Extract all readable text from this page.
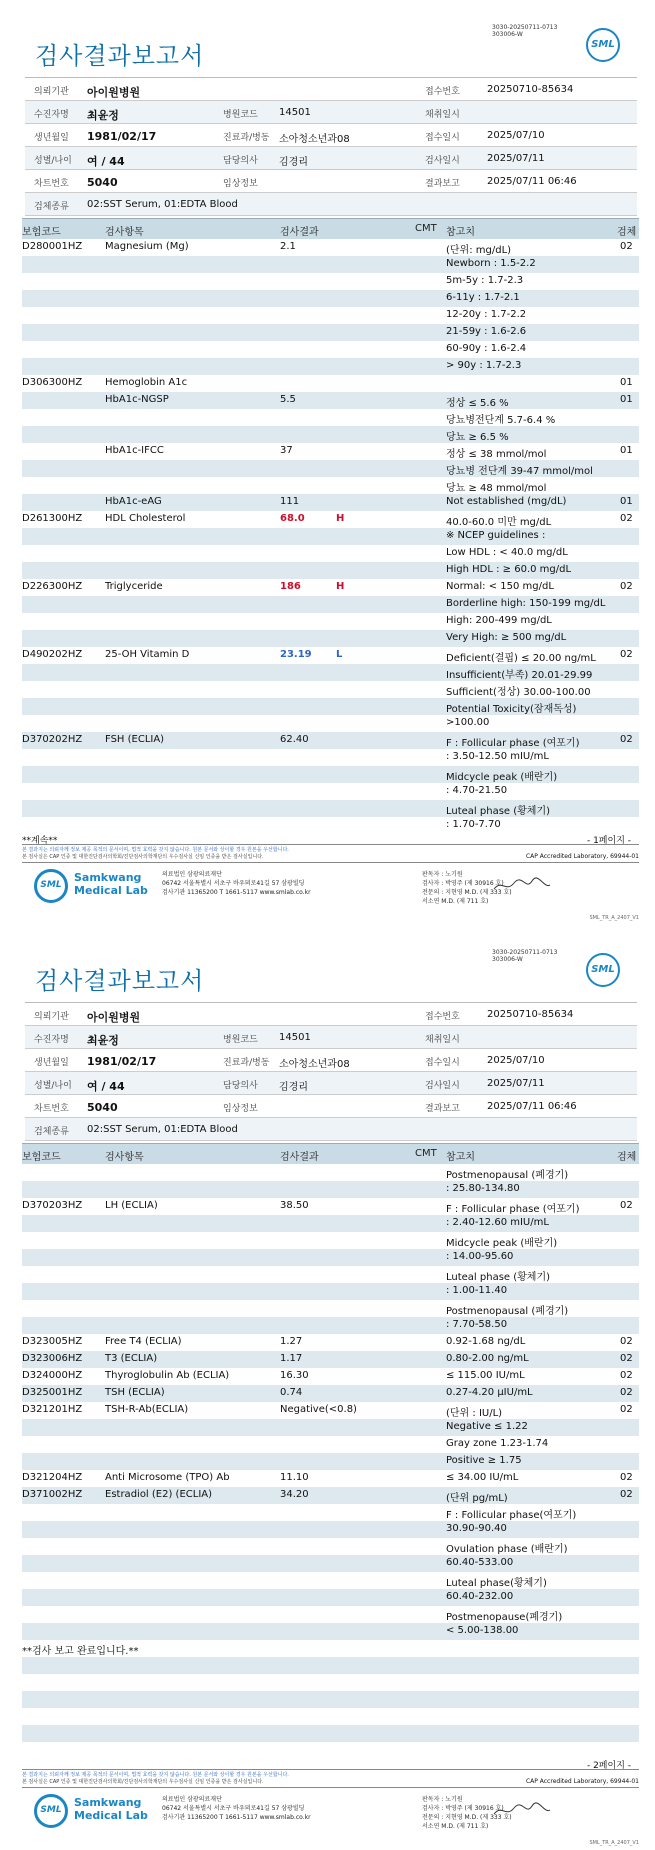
3030-20250711-0713
303006-W
검사결과보고서	SML
의뢰기관 아이원병원	접수번호	20250710-85634
수진자명 최윤정	병원코드 14501	채취일시
생년월일 1981/02/17	진료과/병동 소아청소년과08	접수일시	2025/07/10
성별/나이 여 / 44	담당의사 김경리	검사일시	2025/07/11
차트번호 5040	임상정보	결과보고	2025/07/11 06:46
검체종류 02:SST Serum, 01:EDTA Blood
보험코드	검사항목	검사결과	CMT 참고치	검체
D280001HZ Magnesium (Mg)	2.1	(단위: mg/dL)	02
Newborn : 1.5-2.2
5m-5y : 1.7-2.3
6-11y : 1.7-2.1
12-20y : 1.7-2.2
21-59y : 1.6-2.6
60-90y : 1.6-2.4
> 90y : 1.7-2.3
D306300HZ Hemoglobin A1c	01
HbA1c-NGSP	5.5	정상 ≤ 5.6 %	01
당뇨병전단계 5.7-6.4 %
당뇨 ≥ 6.5 %
HbA1c-IFCC	37	정상 ≤ 38 mmol/mol	01
당뇨병 전단계 39-47 mmol/mol
당뇨 ≥ 48 mmol/mol
HbA1c-eAG	111	Not established (mg/dL)	01
D261300HZ HDL Cholesterol	68.0	H	40.0-60.0 미만 mg/dL	02
※ NCEP guidelines :
Low HDL : < 40.0 mg/dL
High HDL : ≥ 60.0 mg/dL
D226300HZ Triglyceride	186	H	Normal: < 150 mg/dL	02
Borderline high: 150-199 mg/dL
High: 200-499 mg/dL
Very High: ≥ 500 mg/dL
D490202HZ 25-OH Vitamin D	23.19 L	Deficient(결핍) ≤ 20.00 ng/mL 02
Insufficient(부족) 20.01-29.99
Sufficient(정상) 30.00-100.00
Potential Toxicity(잠재독성)
>100.00
D370202HZ FSH (ECLIA)	62.40	F : Follicular phase (여포기)	02
: 3.50-12.50 mIU/mL
Midcycle peak (배란기)
: 4.70-21.50
Luteal phase (황체기)
: 1.70-7.70
**계속**	- 1페이지 -
본 결과지는 의뢰자께 정보 제공 목적의 문서이며, 법적 효력을 갖지 않습니다. 원본 문서와 상이할 경우 원본을 우선합니다.
본 검사실은 CAP 인증 및 대한진단검사의학회/진단검사의학재단의 우수검사실 신임 인증을 받은 검사실입니다.	CAP Accredited Laboratory, 69944-01
SML
Samkwang
Medical Lab
의료법인 삼광의료재단
06742 서울특별시 서초구 바우뫼로41길 57 삼광빌딩
검사기관 11365200 T 1661-5117 www.smlab.co.kr
판독자 : 노기원
검사자 : 박영주 (제 30916 호)
전문의 : 지현영 M.D. (제 333 호)
서소연 M.D. (제 711 호)
SML_TR_A_2407_V1
3030-20250711-0713
303006-W
검사결과보고서	SML
의뢰기관 아이원병원	접수번호	20250710-85634
수진자명 최윤정	병원코드 14501	채취일시
생년월일 1981/02/17	진료과/병동 소아청소년과08	접수일시	2025/07/10
성별/나이 여 / 44	담당의사 김경리	검사일시	2025/07/11
차트번호 5040	임상정보	결과보고	2025/07/11 06:46
검체종류 02:SST Serum, 01:EDTA Blood
보험코드	검사항목	검사결과	CMT 참고치	검체
Postmenopausal (폐경기)
: 25.80-134.80
D370203HZ LH (ECLIA)	38.50	F : Follicular phase (여포기)	02
: 2.40-12.60 mIU/mL
Midcycle peak (배란기)
: 14.00-95.60
Luteal phase (황체기)
: 1.00-11.40
Postmenopausal (폐경기)
: 7.70-58.50
D323005HZ Free T4 (ECLIA)	1.27	0.92-1.68 ng/dL	02
D323006HZ T3 (ECLIA)	1.17	0.80-2.00 ng/mL	02
D324000HZ Thyroglobulin Ab (ECLIA)	16.30	≤ 115.00 IU/mL	02
D325001HZ TSH (ECLIA)	0.74	0.27-4.20 μIU/mL	02
D321201HZ TSH-R-Ab(ECLIA)	Negative(<0.8)	(단위 : IU/L)	02
Negative ≤ 1.22
Gray zone 1.23-1.74
Positive ≥ 1.75
D321204HZ Anti Microsome (TPO) Ab	11.10	≤ 34.00 IU/mL	02
D371002HZ Estradiol (E2) (ECLIA)	34.20	(단위 pg/mL)	02
F : Follicular phase(여포기)
30.90-90.40
Ovulation phase (배란기)
60.40-533.00
Luteal phase(황체기)
60.40-232.00
Postmenopause(폐경기)
< 5.00-138.00
**검사 보고 완료입니다.**
- 2페이지 -
본 결과지는 의뢰자께 정보 제공 목적의 문서이며, 법적 효력을 갖지 않습니다. 원본 문서와 상이할 경우 원본을 우선합니다.
본 검사실은 CAP 인증 및 대한진단검사의학회/진단검사의학재단의 우수검사실 신임 인증을 받은 검사실입니다.	CAP Accredited Laboratory, 69944-01
SML
Samkwang
Medical Lab
의료법인 삼광의료재단
06742 서울특별시 서초구 바우뫼로41길 57 삼광빌딩
검사기관 11365200 T 1661-5117 www.smlab.co.kr
판독자 : 노기원
검사자 : 박영주 (제 30916 호)
전문의 : 지현영 M.D. (제 333 호)
서소연 M.D. (제 711 호)
SML_TR_A_2407_V1
